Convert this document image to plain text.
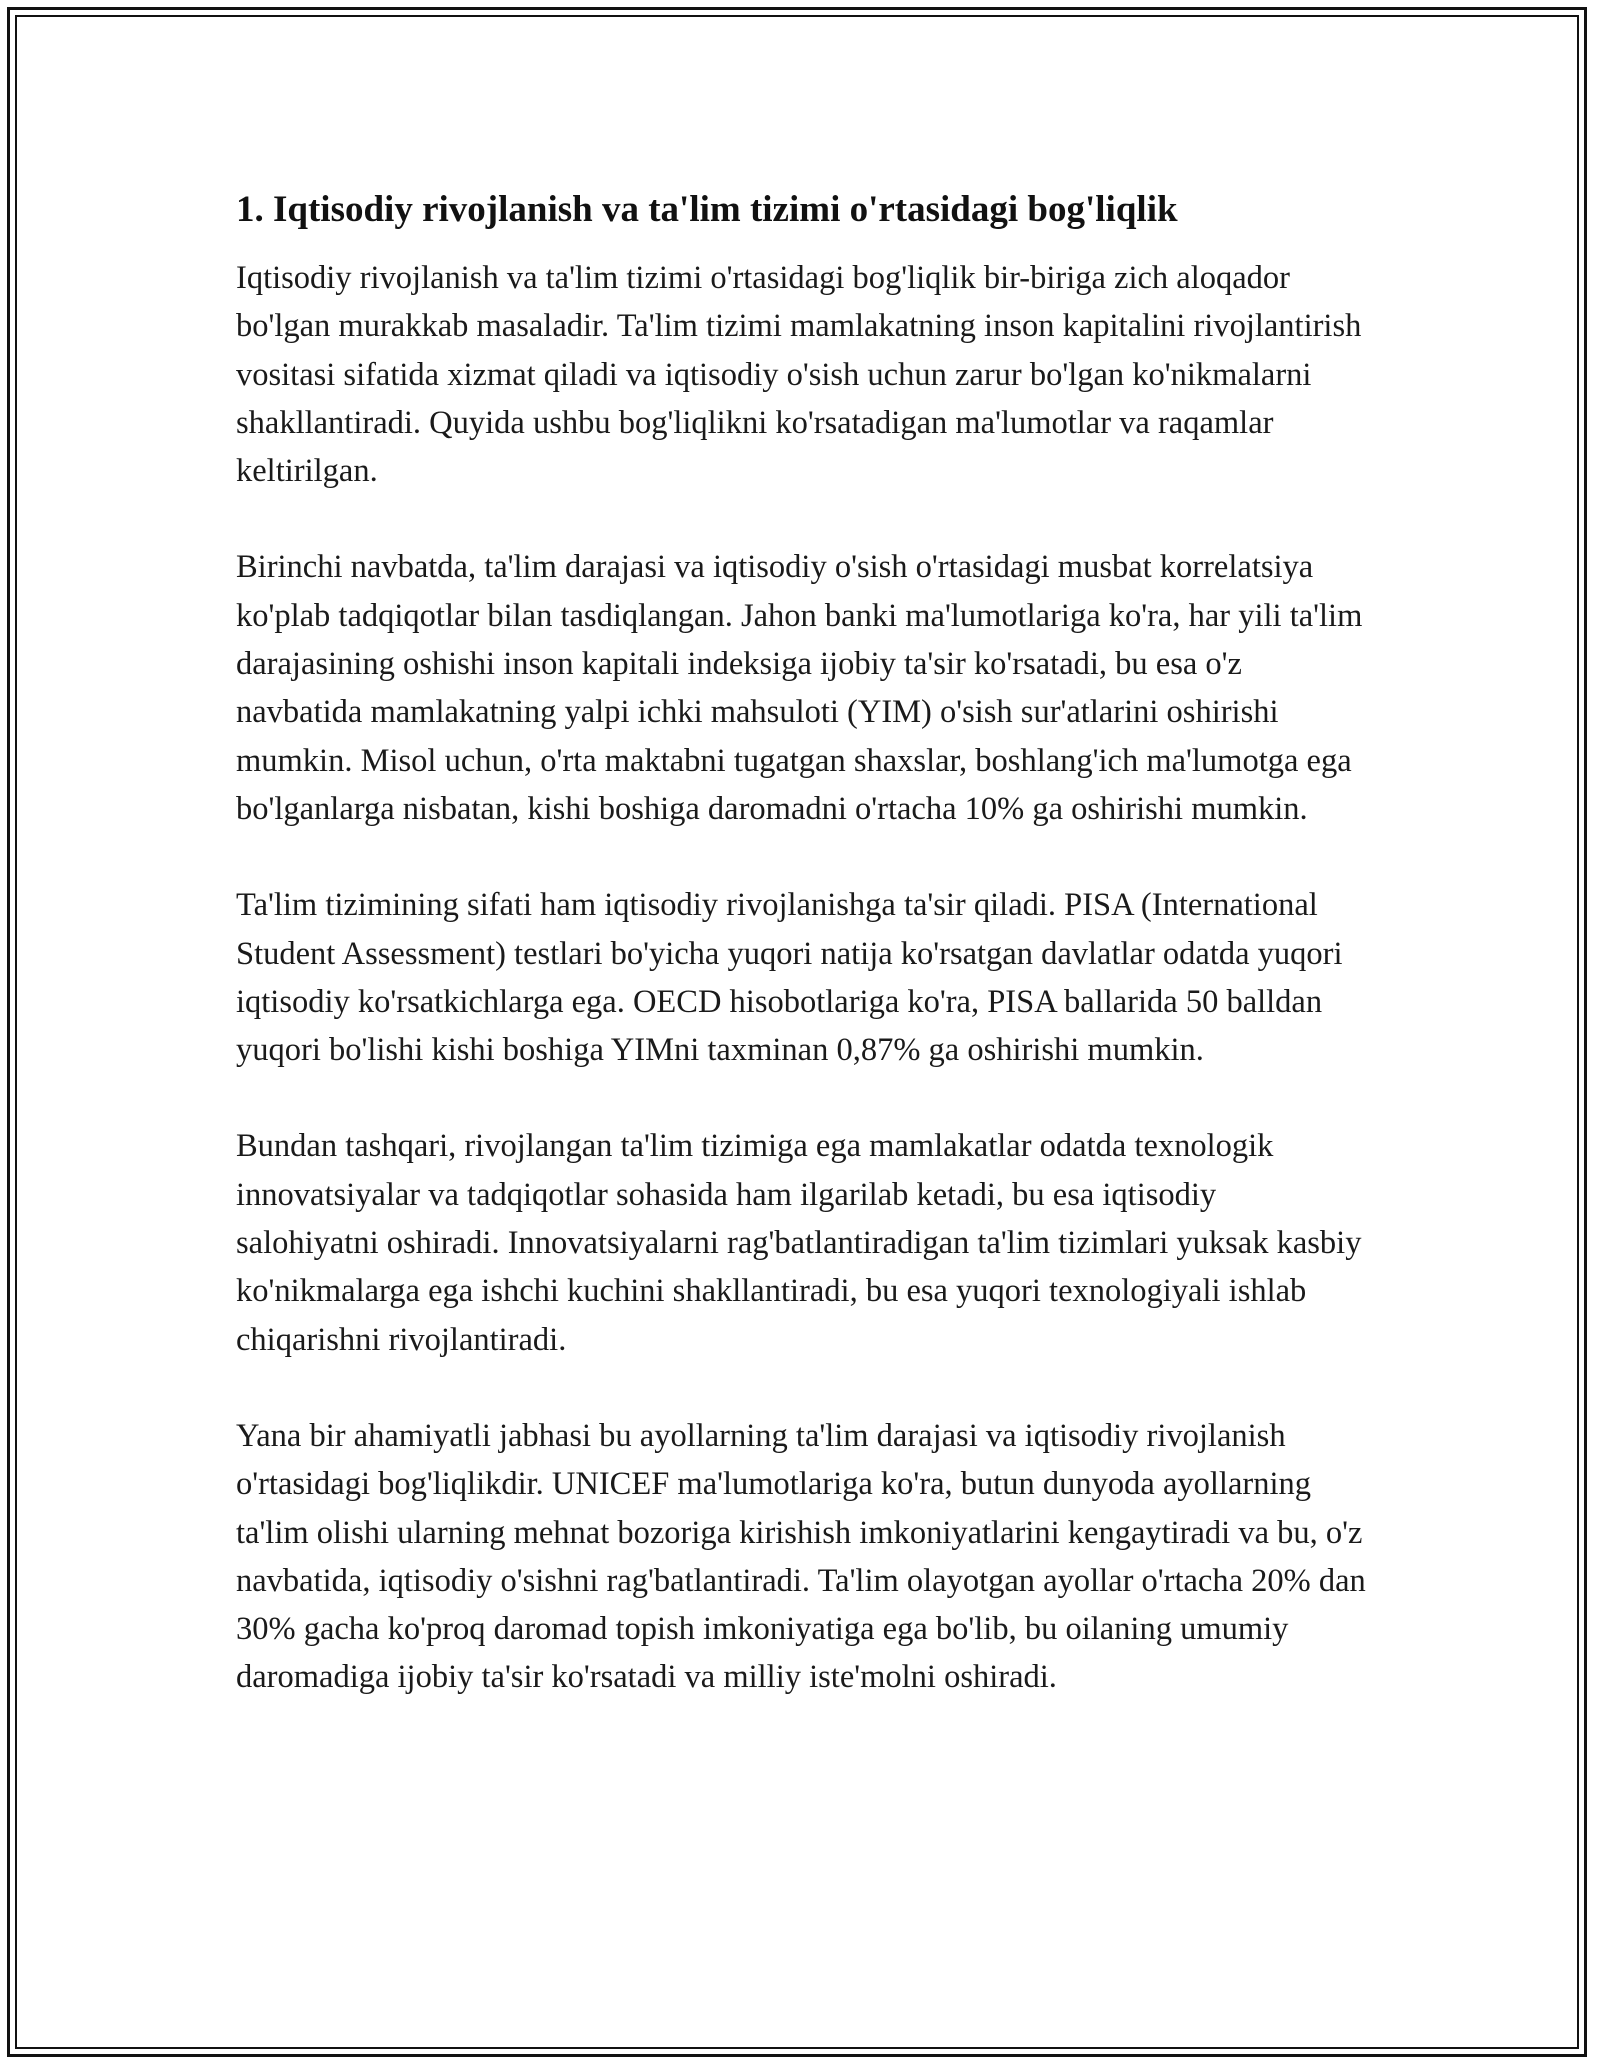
1. Iqtisodiy rivojlanish va ta'lim tizimi o'rtasidagi bog'liqlik

Iqtisodiy rivojlanish va ta'lim tizimi o'rtasidagi bog'liqlik bir-biriga zich aloqador bo'lgan murakkab masaladir. Ta'lim tizimi mamlakatning inson kapitalini rivojlantirish vositasi sifatida xizmat qiladi va iqtisodiy o'sish uchun zarur bo'lgan ko'nikmalarni shakllantiradi. Quyida ushbu bog'liqlikni ko'rsatadigan ma'lumotlar va raqamlar keltirilgan.

Birinchi navbatda, ta'lim darajasi va iqtisodiy o'sish o'rtasidagi musbat korrelatsiya ko'plab tadqiqotlar bilan tasdiqlangan. Jahon banki ma'lumotlariga ko'ra, har yili ta'lim darajasining oshishi inson kapitali indeksiga ijobiy ta'sir ko'rsatadi, bu esa o'z navbatida mamlakatning yalpi ichki mahsuloti (YIM) o'sish sur'atlarini oshirishi mumkin. Misol uchun, o'rta maktabni tugatgan shaxslar, boshlang'ich ma'lumotga ega bo'lganlarga nisbatan, kishi boshiga daromadni o'rtacha 10% ga oshirishi mumkin.

Ta'lim tizimining sifati ham iqtisodiy rivojlanishga ta'sir qiladi. PISA (International Student Assessment) testlari bo'yicha yuqori natija ko'rsatgan davlatlar odatda yuqori iqtisodiy ko'rsatkichlarga ega. OECD hisobotlariga ko'ra, PISA ballarida 50 balldan yuqori bo'lishi kishi boshiga YIMni taxminan 0,87% ga oshirishi mumkin.

Bundan tashqari, rivojlangan ta'lim tizimiga ega mamlakatlar odatda texnologik innovatsiyalar va tadqiqotlar sohasida ham ilgarilab ketadi, bu esa iqtisodiy salohiyatni oshiradi. Innovatsiyalarni rag'batlantiradigan ta'lim tizimlari yuksak kasbiy ko'nikmalarga ega ishchi kuchini shakllantiradi, bu esa yuqori texnologiyali ishlab chiqarishni rivojlantiradi.

Yana bir ahamiyatli jabhasi bu ayollarning ta'lim darajasi va iqtisodiy rivojlanish o'rtasidagi bog'liqlikdir. UNICEF ma'lumotlariga ko'ra, butun dunyoda ayollarning ta'lim olishi ularning mehnat bozoriga kirishish imkoniyatlarini kengaytiradi va bu, o'z navbatida, iqtisodiy o'sishni rag'batlantiradi. Ta'lim olayotgan ayollar o'rtacha 20% dan 30% gacha ko'proq daromad topish imkoniyatiga ega bo'lib, bu oilaning umumiy daromadiga ijobiy ta'sir ko'rsatadi va milliy iste'molni oshiradi.
